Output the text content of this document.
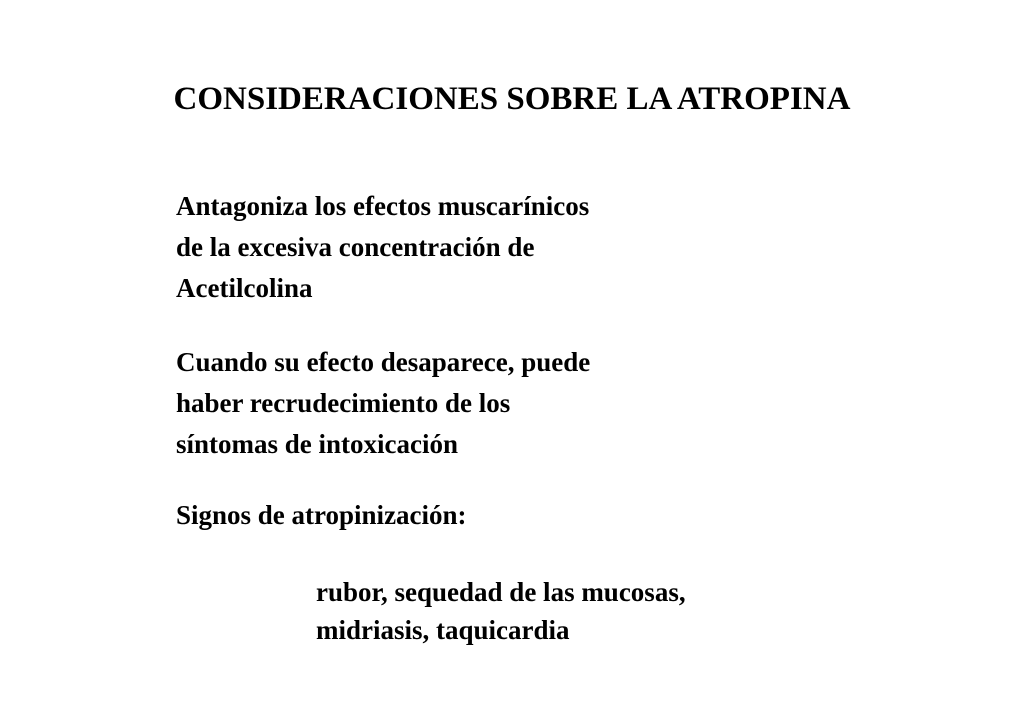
CONSIDERACIONES SOBRE LA ATROPINA
Antagoniza los efectos muscarínicos
de la excesiva concentración de
Acetilcolina
Cuando su efecto desaparece, puede
haber recrudecimiento de los
síntomas de intoxicación
Signos de atropinización:
rubor, sequedad de las mucosas,
midriasis, taquicardia
